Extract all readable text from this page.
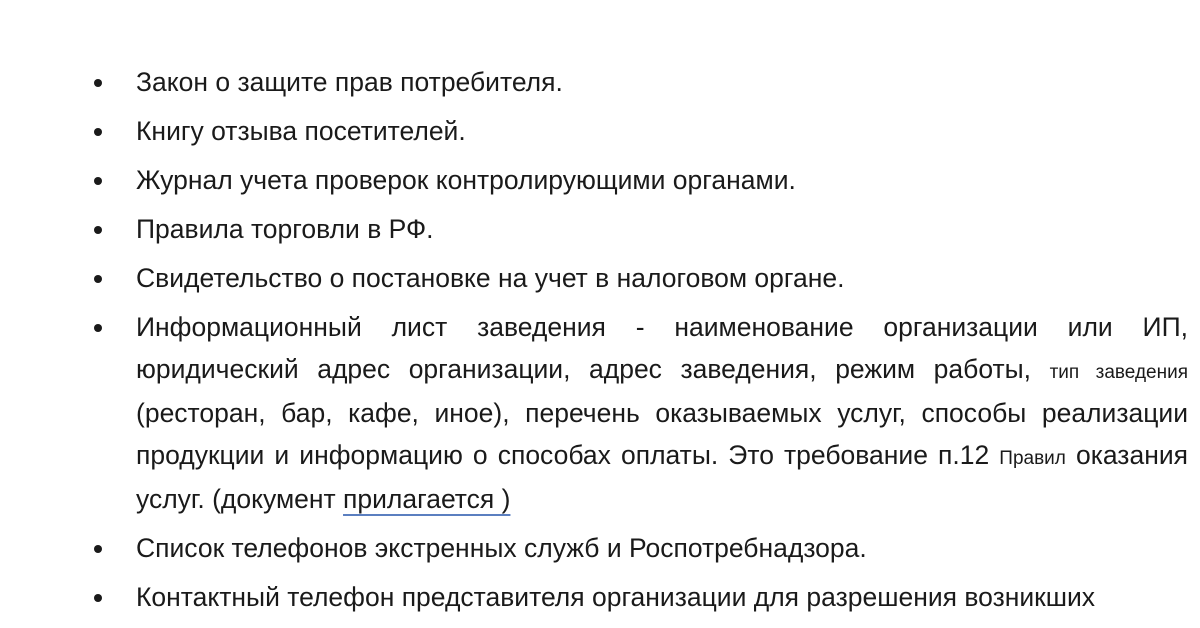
Закон о защите прав потребителя.
Книгу отзыва посетителей.
Журнал учета проверок контролирующими органами.
Правила торговли в РФ.
Свидетельство о постановке на учет в налоговом органе.
Информационный лист заведения - наименование организации или ИП, юридический адрес организации, адрес заведения, режим работы, тип заведения (ресторан, бар, кафе, иное), перечень оказываемых услуг, способы реализации продукции и информацию о способах оплаты. Это требование п.12 Правил оказания услуг. (документ прилагается )
Список телефонов экстренных служб и Роспотребнадзора.
Контактный телефон представителя организации для разрешения возникших
